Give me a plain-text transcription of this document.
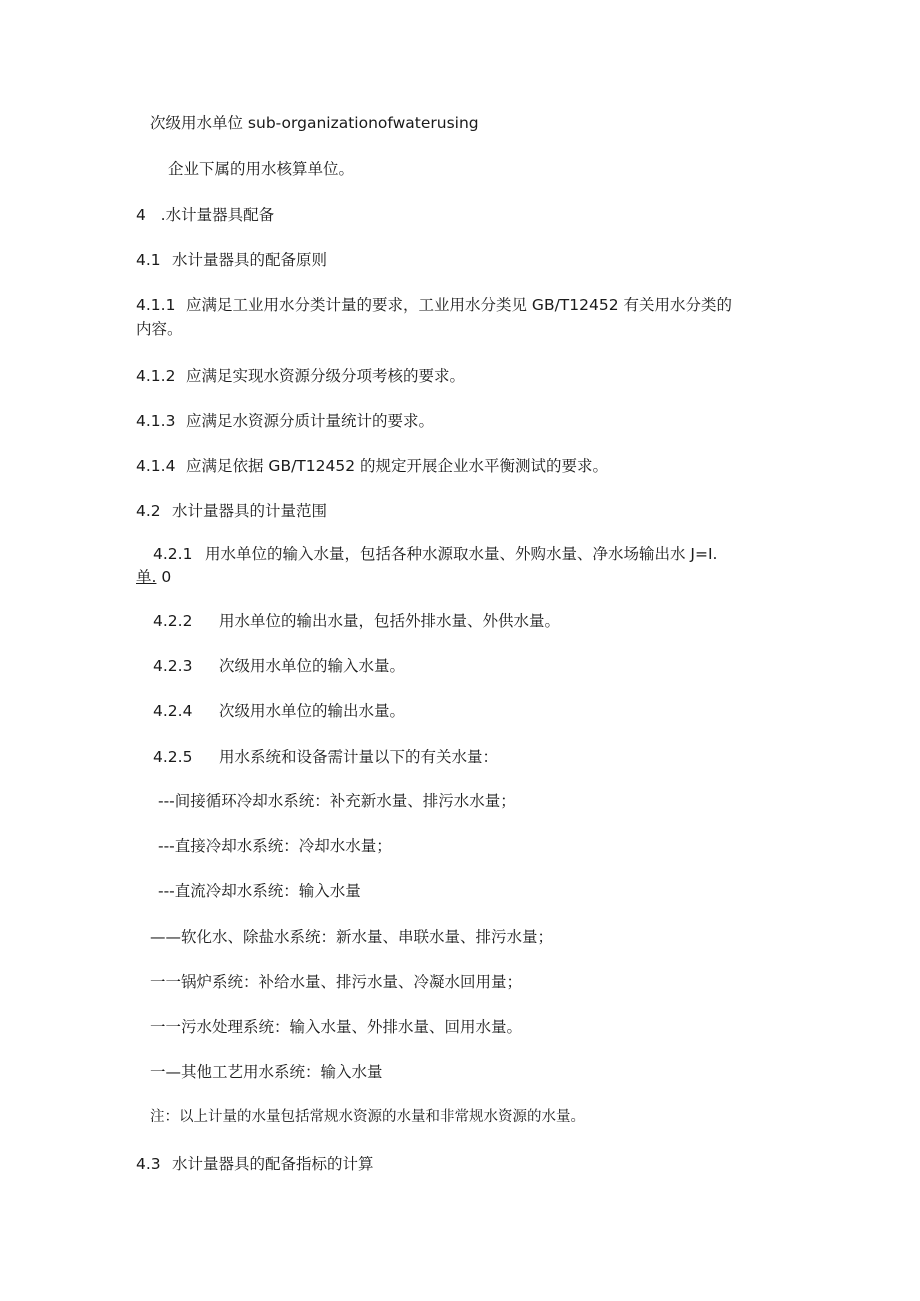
次级用水单位 sub-organizationofwaterusing
企业下属的用水核算单位。
4   .水计量器具配备
4.1 水计量器具的配备原则
4.1.1 应满足工业用水分类计量的要求，工业用水分类见 GB/T12452 有关用水分类的
内容。
4.1.2 应满足实现水资源分级分项考核的要求。
4.1.3 应满足水资源分质计量统计的要求。
4.1.4 应满足依据 GB/T12452 的规定开展企业水平衡测试的要求。
4.2 水计量器具的计量范围
4.2.1 用水单位的输入水量，包括各种水源取水量、外购水量、净水场输出水 J=I.
单. 0
4.2.2 用水单位的输出水量，包括外排水量、外供水量。
4.2.3 次级用水单位的输入水量。
4.2.4 次级用水单位的输出水量。
4.2.5 用水系统和设备需计量以下的有关水量：
---间接循环冷却水系统：补充新水量、排污水水量；
---直接冷却水系统：冷却水水量；
---直流冷却水系统：输入水量
——软化水、除盐水系统：新水量、串联水量、排污水量；
一一锅炉系统：补给水量、排污水量、冷凝水回用量；
一一污水处理系统：输入水量、外排水量、回用水量。
一—其他工艺用水系统：输入水量
注：以上计量的水量包括常规水资源的水量和非常规水资源的水量。
4.3 水计量器具的配备指标的计算
